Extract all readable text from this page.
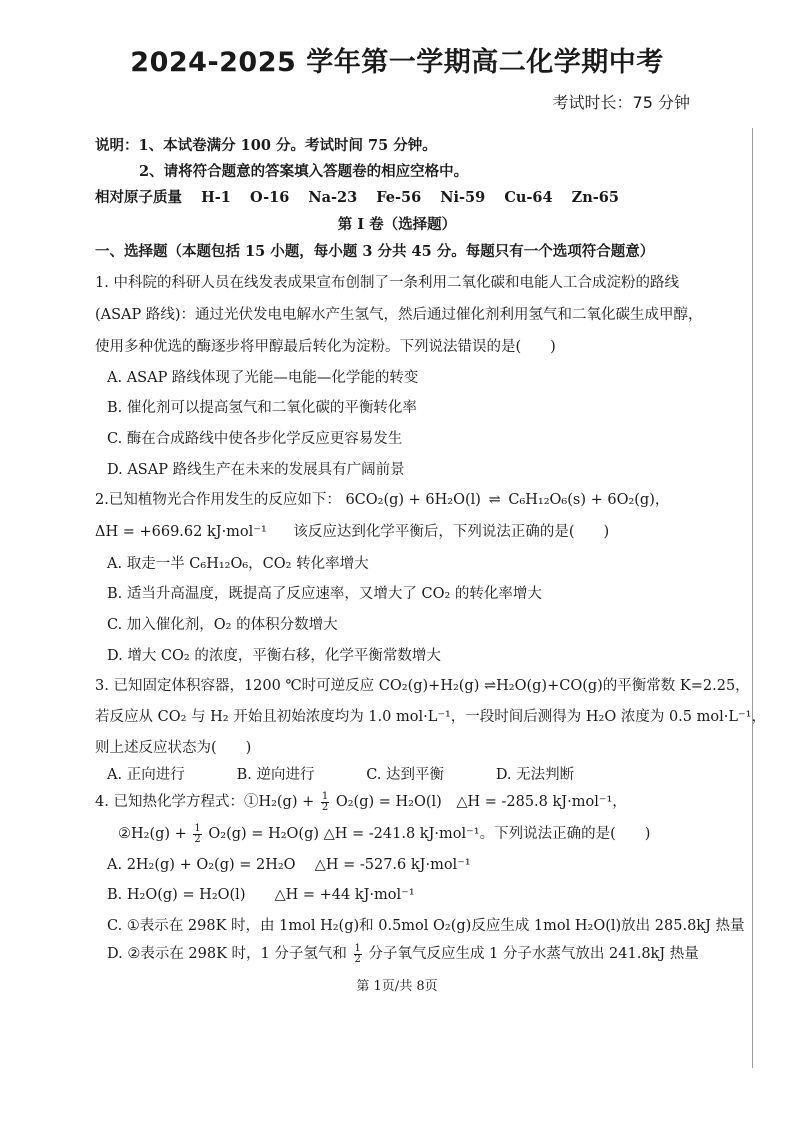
2024-2025 学年第一学期高二化学期中考
考试时长：75 分钟
说明：1、本试卷满分 100 分。考试时间 75 分钟。
2、请将符合题意的答案填入答题卷的相应空格中。
相对原子质量 H-1 O-16 Na-23 Fe-56 Ni-59 Cu-64 Zn-65
第 I 卷（选择题）
一、选择题（本题包括 15 小题，每小题 3 分共 45 分。每题只有一个选项符合题意）
1. 中科院的科研人员在线发表成果宣布创制了一条利用二氧化碳和电能人工合成淀粉的路线
(ASAP 路线)：通过光伏发电电解水产生氢气，然后通过催化剂利用氢气和二氧化碳生成甲醇，
使用多种优选的酶逐步将甲醇最后转化为淀粉。下列说法错误的是(　　)
A. ASAP 路线体现了光能—电能—化学能的转变
B. 催化剂可以提高氢气和二氧化碳的平衡转化率
C. 酶在合成路线中使各步化学反应更容易发生
D. ASAP 路线生产在未来的发展具有广阔前景
2.已知植物光合作用发生的反应如下： 6CO₂(g) + 6H₂O(l) ⇌ C₆H₁₂O₆(s) + 6O₂(g)，
ΔH = +669.62 kJ·mol⁻¹ 该反应达到化学平衡后，下列说法正确的是(　　)
A. 取走一半 C₆H₁₂O₆，CO₂ 转化率增大
B. 适当升高温度，既提高了反应速率，又增大了 CO₂ 的转化率增大
C. 加入催化剂，O₂ 的体积分数增大
D. 增大 CO₂ 的浓度，平衡右移，化学平衡常数增大
3. 已知固定体积容器，1200 ℃时可逆反应 CO₂(g)+H₂(g) ⇌H₂O(g)+CO(g)的平衡常数 K=2.25，
若反应从 CO₂ 与 H₂ 开始且初始浓度均为 1.0 mol·L⁻¹，一段时间后测得为 H₂O 浓度为 0.5 mol·L⁻¹，
则上述反应状态为(　　)
A. 正向进行	B. 逆向进行	C. 达到平衡	D. 无法判断
4. 已知热化学方程式：①H₂(g) + $\frac{1}{2} O_2(g) = H_2O(l)$　△H = -285.8 kJ·mol⁻¹，
②H₂(g) + $\frac{1}{2} O_2(g) = H_2O(g)$ △H = -241.8 kJ·mol⁻¹。下列说法正确的是(　　)
A. 2H₂(g) + O₂(g) = 2H₂O　 △H = -527.6 kJ·mol⁻¹
B. H₂O(g) = H₂O(l)　　△H = +44 kJ·mol⁻¹
C. ①表示在 298K 时，由 1mol H₂(g)和 0.5mol O₂(g)反应生成 1mol H₂O(l)放出 285.8kJ 热量
D. ②表示在 298K 时，1 分子氢气和 $\frac{1}{2}$ 分子氧气反应生成 1 分子水蒸气放出 241.8kJ 热量
第 1页/共 8页
